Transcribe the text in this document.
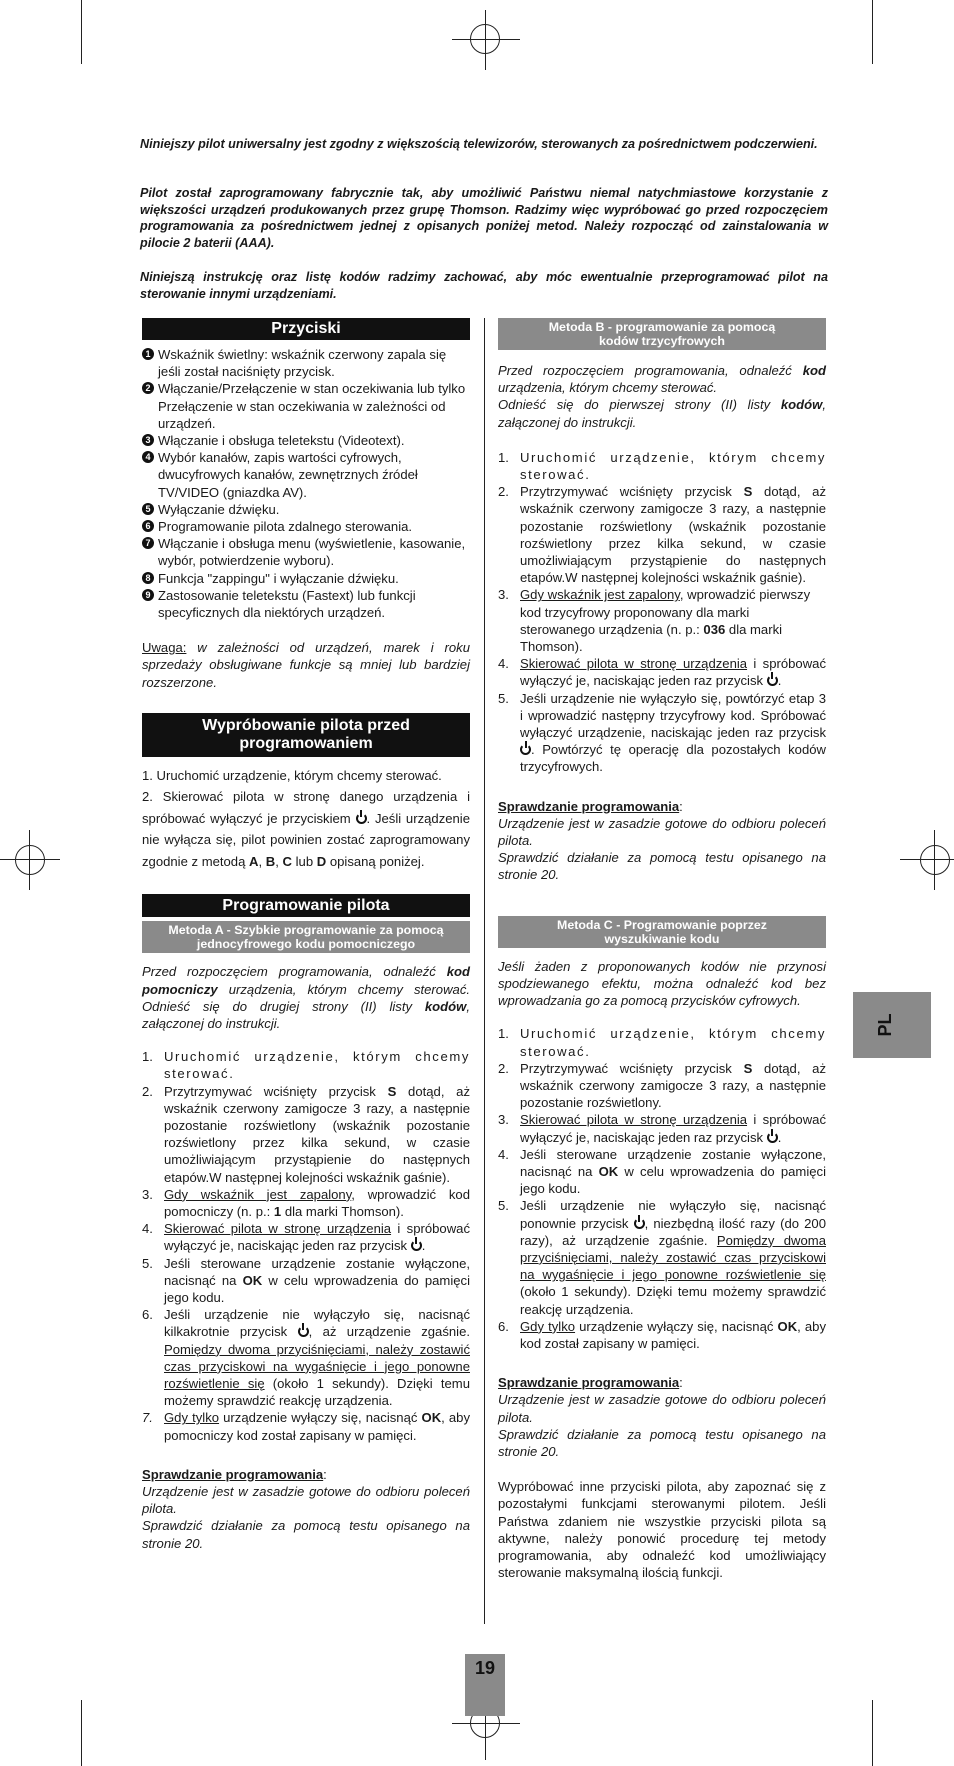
Niniejszy pilot uniwersalny jest zgodny z większością telewizorów, sterowanych za pośrednictwem podczerwieni.
Pilot został zaprogramowany fabrycznie tak, aby umożliwić Państwu niemal natychmiastowe korzystanie z większości urządzeń produkowanych przez grupę Thomson. Radzimy więc wypróbować go przed rozpoczęciem programowania za pośrednictwem jednej z opisanych poniżej metod. Należy rozpocząć od zainstalowania w pilocie 2 baterii (AAA).
Niniejszą instrukcję oraz listę kodów radzimy zachować, aby móc ewentualnie przeprogramować pilot na sterowanie innymi urządzeniami.
Przyciski
1 Wskaźnik świetlny: wskaźnik czerwony zapala się jeśli został naciśnięty przycisk.
2 Włączanie/Przełączenie w stan oczekiwania lub tylko Przełączenie w stan oczekiwania w zależności od urządzeń.
3 Włączanie i obsługa teletekstu (Videotext).
4 Wybór kanałów, zapis wartości cyfrowych, dwucyfrowych kanałów, zewnętrznych źródeł TV/VIDEO (gniazdka AV).
5 Wyłączanie dźwięku.
6 Programowanie pilota zdalnego sterowania.
7 Włączanie i obsługa menu (wyświetlenie, kasowanie, wybór, potwierdzenie wyboru).
8 Funkcja "zappingu" i wyłączanie dźwięku.
9 Zastosowanie teletekstu (Fastext) lub funkcji specyficznych dla niektórych urządzeń.
Uwaga: w zależności od urządzeń, marek i roku sprzedaży obsługiwane funkcje są mniej lub bardziej rozszerzone.
Wypróbowanie pilota przed programowaniem
1. Uruchomić urządzenie, którym chcemy sterować.
2. Skierować pilota w stronę danego urządzenia i spróbować wyłączyć je przyciskiem . Jeśli urządzenie nie wyłącza się, pilot powinien zostać zaprogramowany zgodnie z metodą A, B, C lub D opisaną poniżej.
Programowanie pilota
Metoda A - Szybkie programowanie za pomocą jednocyfrowego kodu pomocniczego
Przed rozpoczęciem programowania, odnaleźć kod pomocniczy urządzenia, którym chcemy sterować. Odnieść się do drugiej strony (II) listy kodów, załączonej do instrukcji.
1. Uruchomić urządzenie, którym chcemy sterować.
2. Przytrzymywać wciśnięty przycisk S dotąd, aż wskaźnik czerwony zamigocze 3 razy, a następnie pozostanie rozświetlony (wskaźnik pozostanie rozświetlony przez kilka sekund, w czasie umożliwiającym przystąpienie do następnych etapów.W następnej kolejności wskaźnik gaśnie).
3. Gdy wskaźnik jest zapalony, wprowadzić kod pomocniczy (n. p.: 1 dla marki Thomson).
4. Skierować pilota w stronę urządzenia i spróbować wyłączyć je, naciskając jeden raz przycisk .
5. Jeśli sterowane urządzenie zostanie wyłączone, nacisnąć na OK w celu wprowadzenia do pamięci jego kodu.
6. Jeśli urządzenie nie wyłączyło się, nacisnąć kilkakrotnie przycisk , aż urządzenie zgaśnie. Pomiędzy dwoma przyciśnięciami, należy zostawić czas przyciskowi na wygaśnięcie i jego ponowne rozświetlenie się (około 1 sekundy). Dzięki temu możemy sprawdzić reakcję urządzenia.
7. Gdy tylko urządzenie wyłączy się, nacisnąć OK, aby pomocniczy kod został zapisany w pamięci.
Sprawdzanie programowania:
Urządzenie jest w zasadzie gotowe do odbioru poleceń pilota.
Sprawdzić działanie za pomocą testu opisanego na stronie 20.
Metoda B - programowanie za pomocą kodów trzycyfrowych
Przed rozpoczęciem programowania, odnaleźć kod urządzenia, którym chcemy sterować.
Odnieść się do pierwszej strony (II) listy kodów, załączonej do instrukcji.
1. Uruchomić urządzenie, którym chcemy sterować.
2. Przytrzymywać wciśnięty przycisk S dotąd, aż wskaźnik czerwony zamigocze 3 razy, a następnie pozostanie rozświetlony (wskaźnik pozostanie rozświetlony przez kilka sekund, w czasie umożliwiającym przystąpienie do następnych etapów.W następnej kolejności wskaźnik gaśnie).
3. Gdy wskaźnik jest zapalony, wprowadzić pierwszy kod trzycyfrowy proponowany dla marki sterowanego urządzenia (n. p.: 036 dla marki Thomson).
4. Skierować pilota w stronę urządzenia i spróbować wyłączyć je, naciskając jeden raz przycisk .
5. Jeśli urządzenie nie wyłączyło się, powtórzyć etap 3 i wprowadzić następny trzycyfrowy kod. Spróbować wyłączyć urządzenie, naciskając jeden raz przycisk . Powtórzyć tę operację dla pozostałych kodów trzycyfrowych.
Sprawdzanie programowania:
Urządzenie jest w zasadzie gotowe do odbioru poleceń pilota.
Sprawdzić działanie za pomocą testu opisanego na stronie 20.
Metoda C - Programowanie poprzez wyszukiwanie kodu
Jeśli żaden z proponowanych kodów nie przynosi spodziewanego efektu, można odnaleźć kod bez wprowadzania go za pomocą przycisków cyfrowych.
1. Uruchomić urządzenie, którym chcemy sterować.
2. Przytrzymywać wciśnięty przycisk S dotąd, aż wskaźnik czerwony zamigocze 3 razy, a następnie pozostanie rozświetlony.
3. Skierować pilota w stronę urządzenia i spróbować wyłączyć je, naciskając jeden raz przycisk .
4. Jeśli sterowane urządzenie zostanie wyłączone, nacisnąć na OK w celu wprowadzenia do pamięci jego kodu.
5. Jeśli urządzenie nie wyłączyło się, nacisnąć ponownie przycisk , niezbędną ilość razy (do 200 razy), aż urządzenie zgaśnie. Pomiędzy dwoma przyciśnięciami, należy zostawić czas przyciskowi na wygaśnięcie i jego ponowne rozświetlenie się (około 1 sekundy). Dzięki temu możemy sprawdzić reakcję urządzenia.
6. Gdy tylko urządzenie wyłączy się, nacisnąć OK, aby kod został zapisany w pamięci.
Sprawdzanie programowania:
Urządzenie jest w zasadzie gotowe do odbioru poleceń pilota.
Sprawdzić działanie za pomocą testu opisanego na stronie 20.
Wypróbować inne przyciski pilota, aby zapoznać się z pozostałymi funkcjami sterowanymi pilotem. Jeśli Państwa zdaniem nie wszystkie przyciski pilota są aktywne, należy ponowić procedurę tej metody programowania, aby odnaleźć kod umożliwiający sterowanie maksymalną ilością funkcji.
PL
19
